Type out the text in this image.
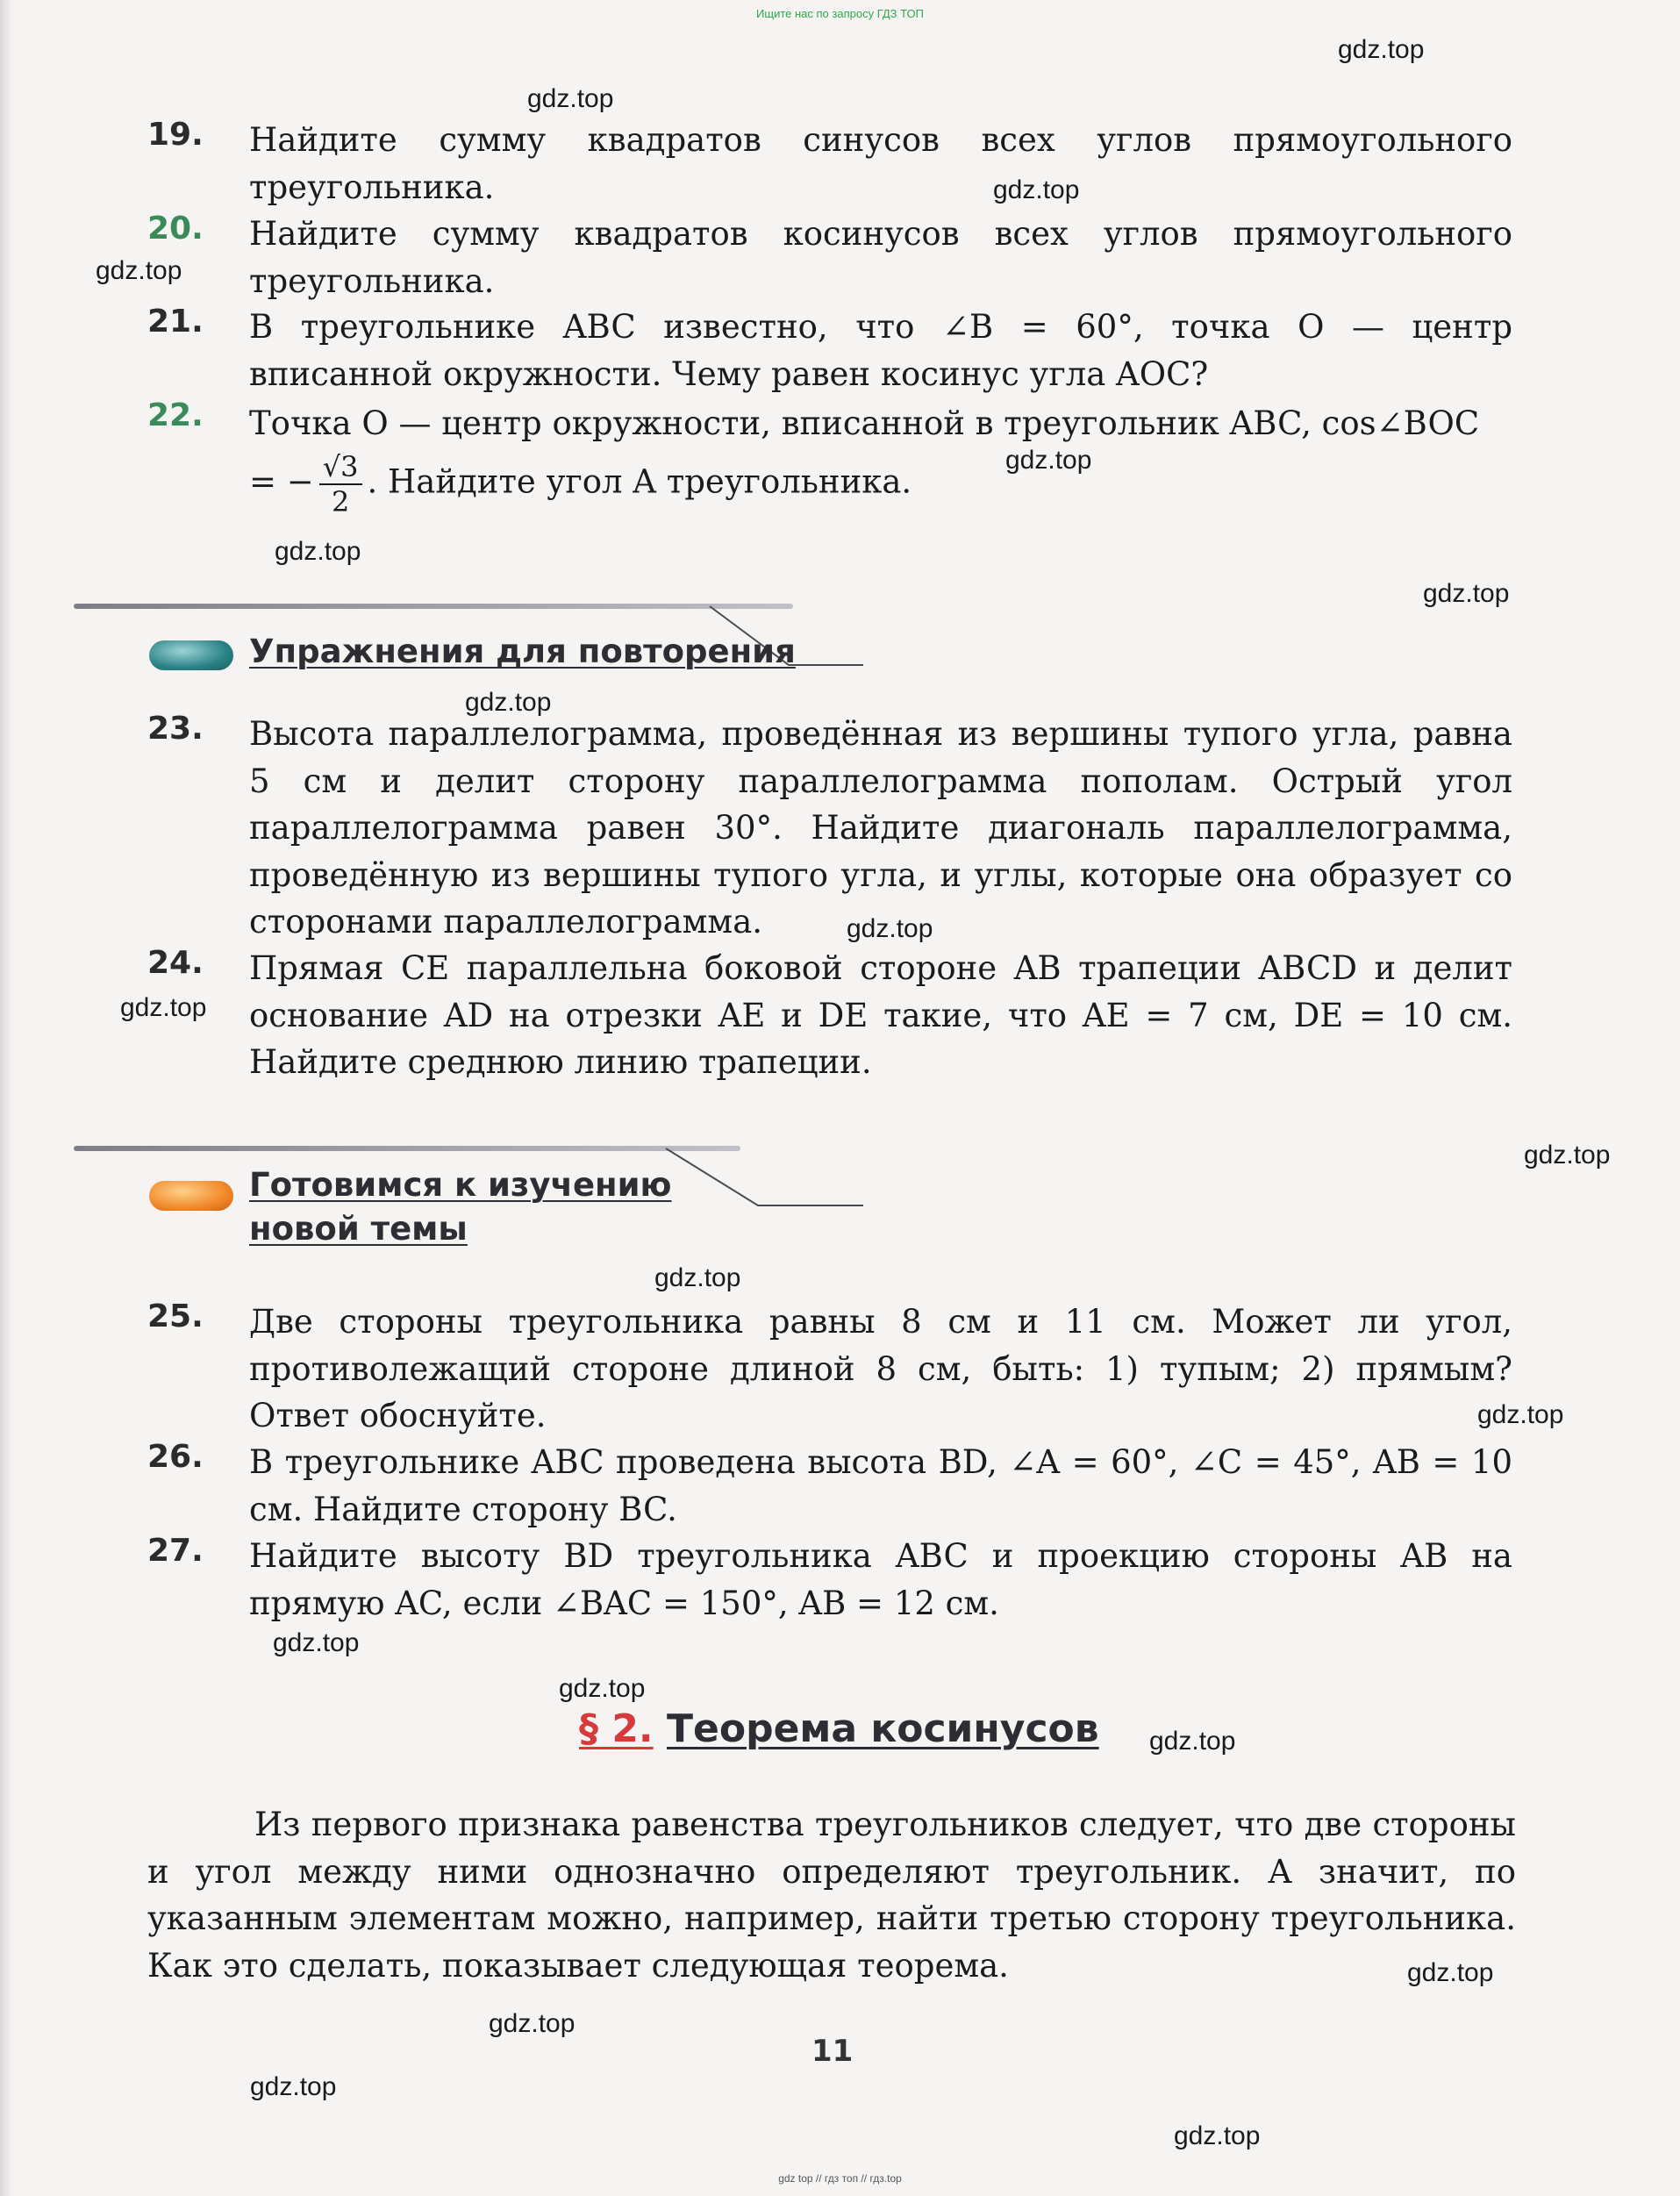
Ищите нас по запросу ГДЗ ТОП
gdz.top
gdz.top
gdz.top
gdz.top
gdz.top
gdz.top
gdz.top
gdz.top
gdz.top
gdz.top
gdz.top
gdz.top
gdz.top
gdz.top
gdz.top
gdz.top
gdz.top
gdz.top
gdz.top
gdz.top
19. Найдите сумму квадратов синусов всех углов прямоугольного треугольника.
20. Найдите сумму квадратов косинусов всех углов прямоугольного треугольника.
21. В треугольнике ABC известно, что ∠B = 60°, точка O — центр вписанной окружности. Чему равен косинус угла AOC?
22. Точка O — центр окружности, вписанной в треугольник ABC, cos∠BOC = − $\frac{√3}{2}$ . Найдите угол A треугольника.
Упражнения для повторения
23. Высота параллелограмма, проведённая из вершины тупого угла, равна 5 см и делит сторону параллелограмма пополам. Острый угол параллелограмма равен 30°. Найдите диагональ параллелограмма, проведённую из вершины тупого угла, и углы, которые она образует со сторонами параллелограмма.
24. Прямая CE параллельна боковой стороне AB трапеции ABCD и делит основание AD на отрезки AE и DE такие, что AE = 7 см, DE = 10 см. Найдите среднюю линию трапеции.
Готовимся к изучению
новой темы
25. Две стороны треугольника равны 8 см и 11 см. Может ли угол, противолежащий стороне длиной 8 см, быть: 1) тупым; 2) прямым? Ответ обоснуйте.
26. В треугольнике ABC проведена высота BD, ∠A = 60°, ∠C = 45°, AB = 10 см. Найдите сторону BC.
27. Найдите высоту BD треугольника ABC и проекцию стороны AB на прямую AC, если ∠BAC = 150°, AB = 12 см.
§ 2. Теорема косинусов
Из первого признака равенства треугольников следует, что две стороны и угол между ними однозначно определяют треугольник. А значит, по указанным элементам можно, например, найти третью сторону треугольника. Как это сделать, показывает следующая теорема.
11
gdz top // гдз топ // гдз.top
